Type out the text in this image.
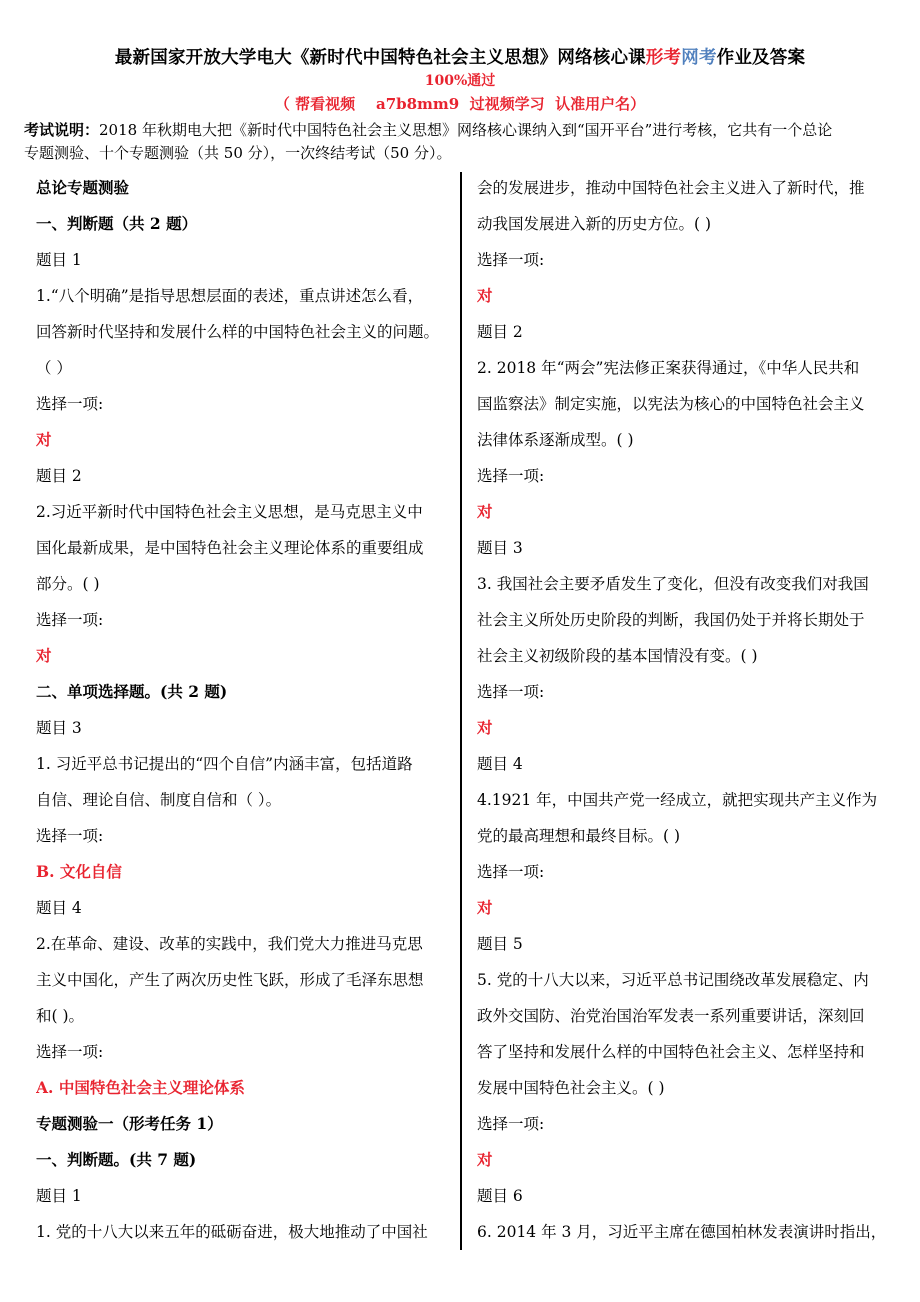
最新国家开放大学电大《新时代中国特色社会主义思想》网络核心课形考网考作业及答案
100%通过
（ 帮看视频    a7b8mm9  过视频学习  认准用户名）
考试说明：2018 年秋期电大把《新时代中国特色社会主义思想》网络核心课纳入到“国开平台”进行考核，它共有一个总论
专题测验、十个专题测验（共 50 分），一次终结考试（50 分）。
总论专题测验
一、判断题（共 2 题）
题目 1
1.“八个明确”是指导思想层面的表述，重点讲述怎么看，
回答新时代坚持和发展什么样的中国特色社会主义的问题。
（ ）
选择一项:
对
题目 2
2.习近平新时代中国特色社会主义思想，是马克思主义中
国化最新成果，是中国特色社会主义理论体系的重要组成
部分。( )
选择一项:
对
二、单项选择题。(共 2 题)
题目 3
1. 习近平总书记提出的“四个自信”内涵丰富，包括道路
自信、理论自信、制度自信和（ ）。
选择一项:
B. 文化自信
题目 4
2.在革命、建设、改革的实践中，我们党大力推进马克思
主义中国化，产生了两次历史性飞跃，形成了毛泽东思想
和( )。
选择一项:
A. 中国特色社会主义理论体系
专题测验一（形考任务 1）
一、判断题。(共 7 题)
题目 1
1. 党的十八大以来五年的砥砺奋进，极大地推动了中国社
会的发展进步，推动中国特色社会主义进入了新时代，推
动我国发展进入新的历史方位。( )
选择一项:
对
题目 2
2. 2018 年“两会”宪法修正案获得通过，《中华人民共和
国监察法》制定实施，以宪法为核心的中国特色社会主义
法律体系逐渐成型。( )
选择一项:
对
题目 3
3. 我国社会主要矛盾发生了变化，但没有改变我们对我国
社会主义所处历史阶段的判断，我国仍处于并将长期处于
社会主义初级阶段的基本国情没有变。( )
选择一项:
对
题目 4
4.1921 年，中国共产党一经成立，就把实现共产主义作为
党的最高理想和最终目标。( )
选择一项:
对
题目 5
5. 党的十八大以来，习近平总书记围绕改革发展稳定、内
政外交国防、治党治国治军发表一系列重要讲话，深刻回
答了坚持和发展什么样的中国特色社会主义、怎样坚持和
发展中国特色社会主义。( )
选择一项:
对
题目 6
6. 2014 年 3 月，习近平主席在德国柏林发表演讲时指出，
